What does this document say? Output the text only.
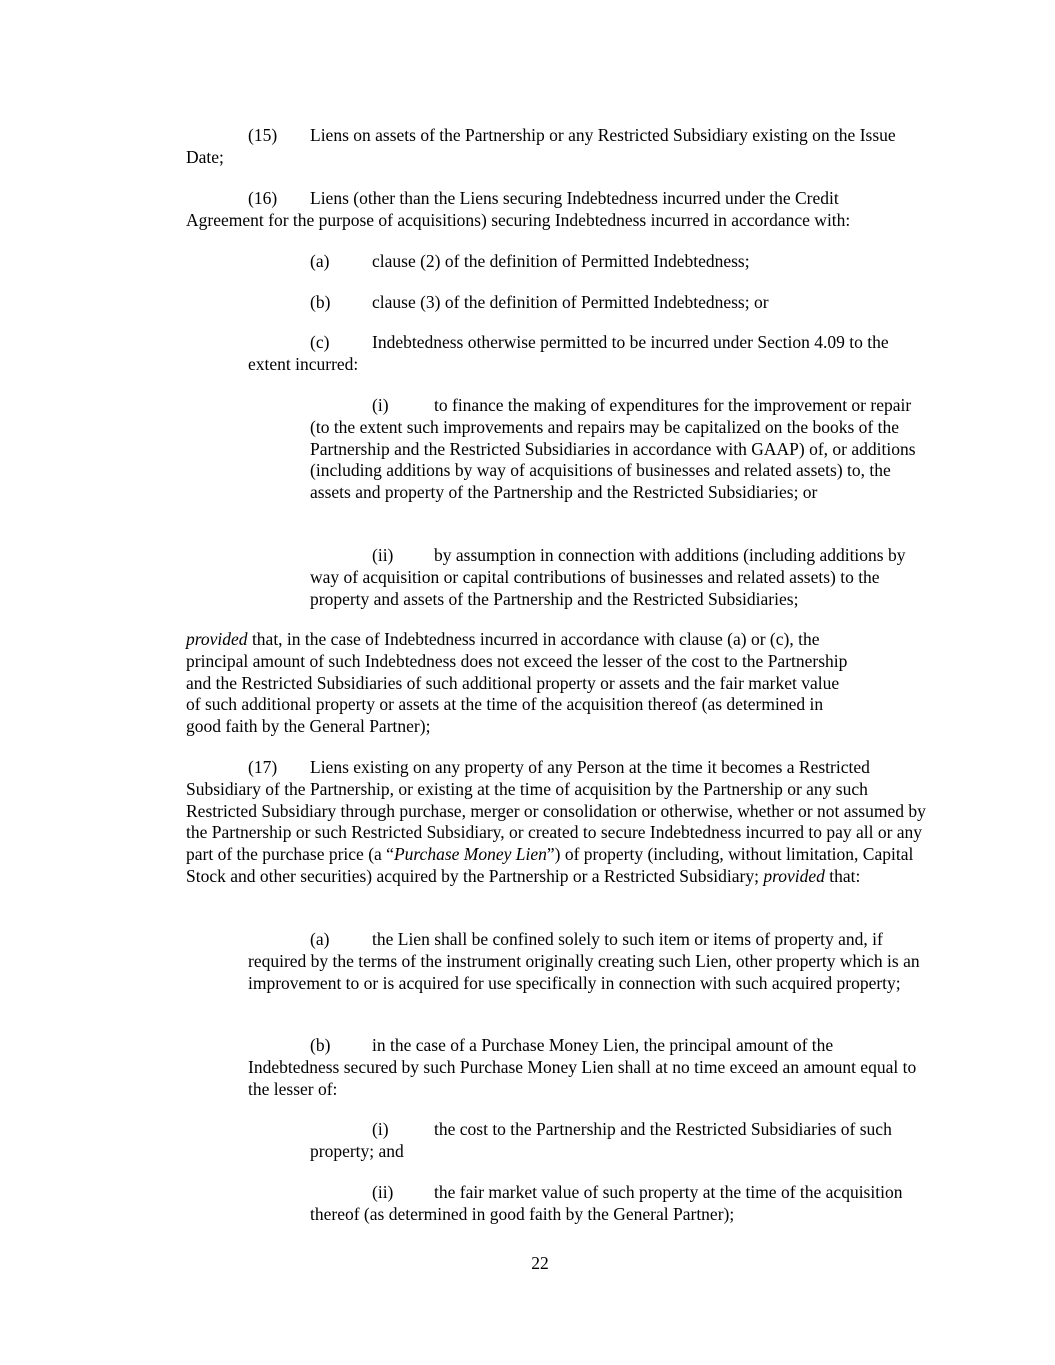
(15) Liens on assets of the Partnership or any Restricted Subsidiary existing on the Issue Date;

(16) Liens (other than the Liens securing Indebtedness incurred under the Credit Agreement for the purpose of acquisitions) securing Indebtedness incurred in accordance with:

(a) clause (2) of the definition of Permitted Indebtedness;

(b) clause (3) of the definition of Permitted Indebtedness; or

(c) Indebtedness otherwise permitted to be incurred under Section 4.09 to the extent incurred:

(i)	to finance the making of expenditures for the improvement or repair (to the extent such improvements and repairs may be capitalized on the books of the Partnership and the Restricted Subsidiaries in accordance with GAAP) of, or additions (including additions by way of acquisitions of businesses and related assets) to, the assets and property of the Partnership and the Restricted Subsidiaries; or

(ii) by assumption in connection with additions (including additions by way of acquisition or capital contributions of businesses and related assets) to the property and assets of the Partnership and the Restricted Subsidiaries;

provided that, in the case of Indebtedness incurred in accordance with clause (a) or (c), the principal amount of such Indebtedness does not exceed the lesser of the cost to the Partnership and the Restricted Subsidiaries of such additional property or assets and the fair market value of such additional property or assets at the time of the acquisition thereof (as determined in good faith by the General Partner);

(17) Liens existing on any property of any Person at the time it becomes a Restricted Subsidiary of the Partnership, or existing at the time of acquisition by the Partnership or any such Restricted Subsidiary through purchase, merger or consolidation or otherwise, whether or not assumed by the Partnership or such Restricted Subsidiary, or created to secure Indebtedness incurred to pay all or any part of the purchase price (a “Purchase Money Lien”) of property (including, without limitation, Capital Stock and other securities) acquired by the Partnership or a Restricted Subsidiary; provided that:

(a) the Lien shall be confined solely to such item or items of property and, if required by the terms of the instrument originally creating such Lien, other property which is an improvement to or is acquired for use specifically in connection with such acquired property;

(b) in the case of a Purchase Money Lien, the principal amount of the Indebtedness secured by such Purchase Money Lien shall at no time exceed an amount equal to the lesser of:

(i)	the cost to the Partnership and the Restricted Subsidiaries of such property; and

(ii) the fair market value of such property at the time of the acquisition thereof (as determined in good faith by the General Partner);

22
